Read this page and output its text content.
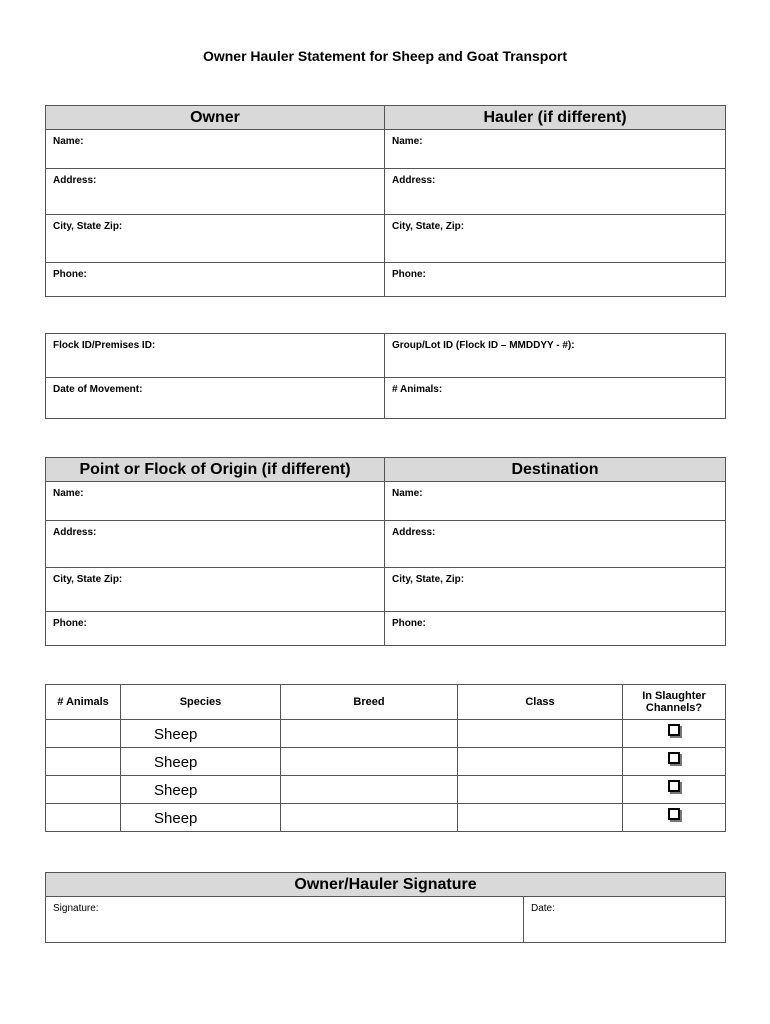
Owner Hauler Statement for Sheep and Goat Transport
Owner	Hauler (if different)
Name:	Name:
Address:	Address:
City, State Zip:	City, State, Zip:
Phone:	Phone:
Flock ID/Premises ID:	Group/Lot ID (Flock ID – MMDDYY - #):
Date of Movement:	# Animals:
Point or Flock of Origin (if different)	Destination
Name:	Name:
Address:	Address:
City, State Zip:	City, State, Zip:
Phone:	Phone:
# Animals	Species	Breed	Class	In Slaughter Channels?
	Sheep			
	Sheep			
	Sheep			
	Sheep			
Owner/Hauler Signature
Signature:	Date:
